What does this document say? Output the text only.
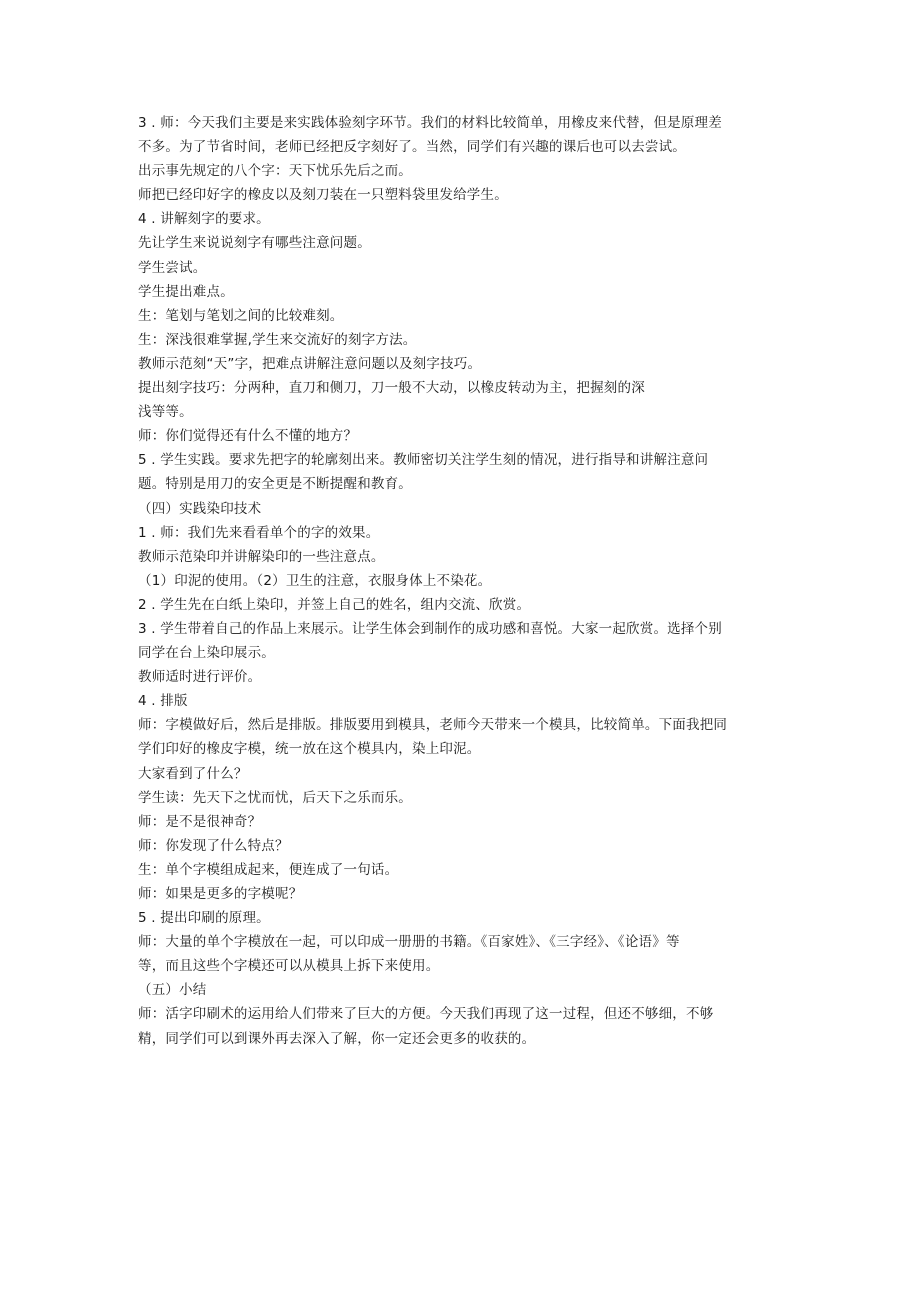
3 . 师：今天我们主要是来实践体验刻字环节。我们的材料比较简单，用橡皮来代替，但是原理差
不多。为了节省时间，老师已经把反字刻好了。当然，同学们有兴趣的课后也可以去尝试。
出示事先规定的八个字：天下忧乐先后之而。
师把已经印好字的橡皮以及刻刀装在一只塑料袋里发给学生。
4 . 讲解刻字的要求。
先让学生来说说刻字有哪些注意问题。
学生尝试。
学生提出难点。
生：笔划与笔划之间的比较难刻。
生：深浅很难掌握,学生来交流好的刻字方法。
教师示范刻“天”字，把难点讲解注意问题以及刻字技巧。
提出刻字技巧：分两种，直刀和侧刀，刀一般不大动，以橡皮转动为主，把握刻的深
浅等等。
师：你们觉得还有什么不懂的地方？
5 . 学生实践。要求先把字的轮廓刻出来。教师密切关注学生刻的情况，进行指导和讲解注意问
题。特别是用刀的安全更是不断提醒和教育。
（四）实践染印技术
1 . 师：我们先来看看单个的字的效果。
教师示范染印并讲解染印的一些注意点。
（1）印泥的使用。（2）卫生的注意，衣服身体上不染花。
2 . 学生先在白纸上染印，并签上自己的姓名，组内交流、欣赏。
3 . 学生带着自己的作品上来展示。让学生体会到制作的成功感和喜悦。大家一起欣赏。选择个别
同学在台上染印展示。
教师适时进行评价。
4 . 排版
师：字模做好后，然后是排版。排版要用到模具，老师今天带来一个模具，比较简单。下面我把同
学们印好的橡皮字模，统一放在这个模具内，染上印泥。
大家看到了什么？
学生读：先天下之忧而忧，后天下之乐而乐。
师：是不是很神奇？
师：你发现了什么特点？
生：单个字模组成起来，便连成了一句话。
师：如果是更多的字模呢？
5 . 提出印刷的原理。
师：大量的单个字模放在一起，可以印成一册册的书籍。《百家姓》、《三字经》、《论语》等
等，而且这些个字模还可以从模具上拆下来使用。
（五）小结
师：活字印刷术的运用给人们带来了巨大的方便。今天我们再现了这一过程，但还不够细，不够
精，同学们可以到课外再去深入了解，你一定还会更多的收获的。
